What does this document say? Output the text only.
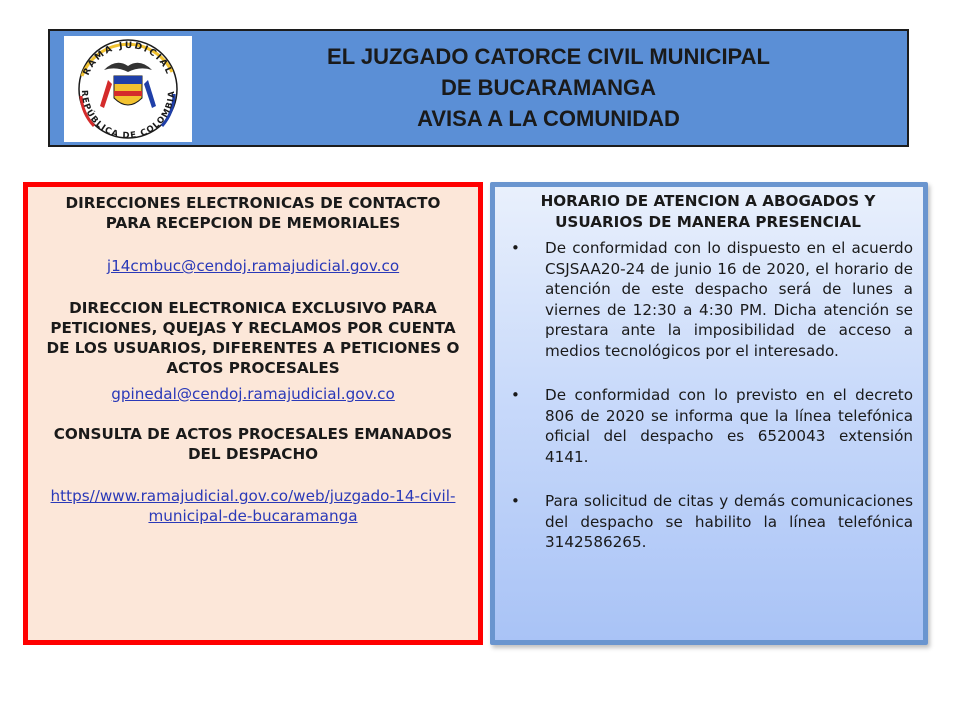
RAMA JUDICIAL
REPÚBLICA DE COLOMBIA
EL JUZGADO CATORCE CIVIL MUNICIPAL
DE BUCARAMANGA
AVISA A LA COMUNIDAD
DIRECCIONES ELECTRONICAS DE CONTACTO PARA RECEPCION DE MEMORIALES
j14cmbuc@cendoj.ramajudicial.gov.co
DIRECCION ELECTRONICA EXCLUSIVO PARA PETICIONES, QUEJAS Y RECLAMOS POR CUENTA DE LOS USUARIOS, DIFERENTES A PETICIONES O ACTOS PROCESALES
gpinedal@cendoj.ramajudicial.gov.co
CONSULTA DE ACTOS PROCESALES EMANADOS DEL DESPACHO
https//www.ramajudicial.gov.co/web/juzgado-14-civil-municipal-de-bucaramanga
HORARIO DE ATENCION A ABOGADOS Y USUARIOS DE MANERA PRESENCIAL
• De conformidad con lo dispuesto en el acuerdo CSJSAA20-24 de junio 16 de 2020, el horario de atención de este despacho será de lunes a viernes de 12:30 a 4:30 PM. Dicha atención se prestara ante la imposibilidad de acceso a medios tecnológicos por el interesado.
• De conformidad con lo previsto en el decreto 806 de 2020 se informa que la línea telefónica oficial del despacho es 6520043 extensión 4141.
• Para solicitud de citas y demás comunicaciones del despacho se habilito la línea telefónica 3142586265.
